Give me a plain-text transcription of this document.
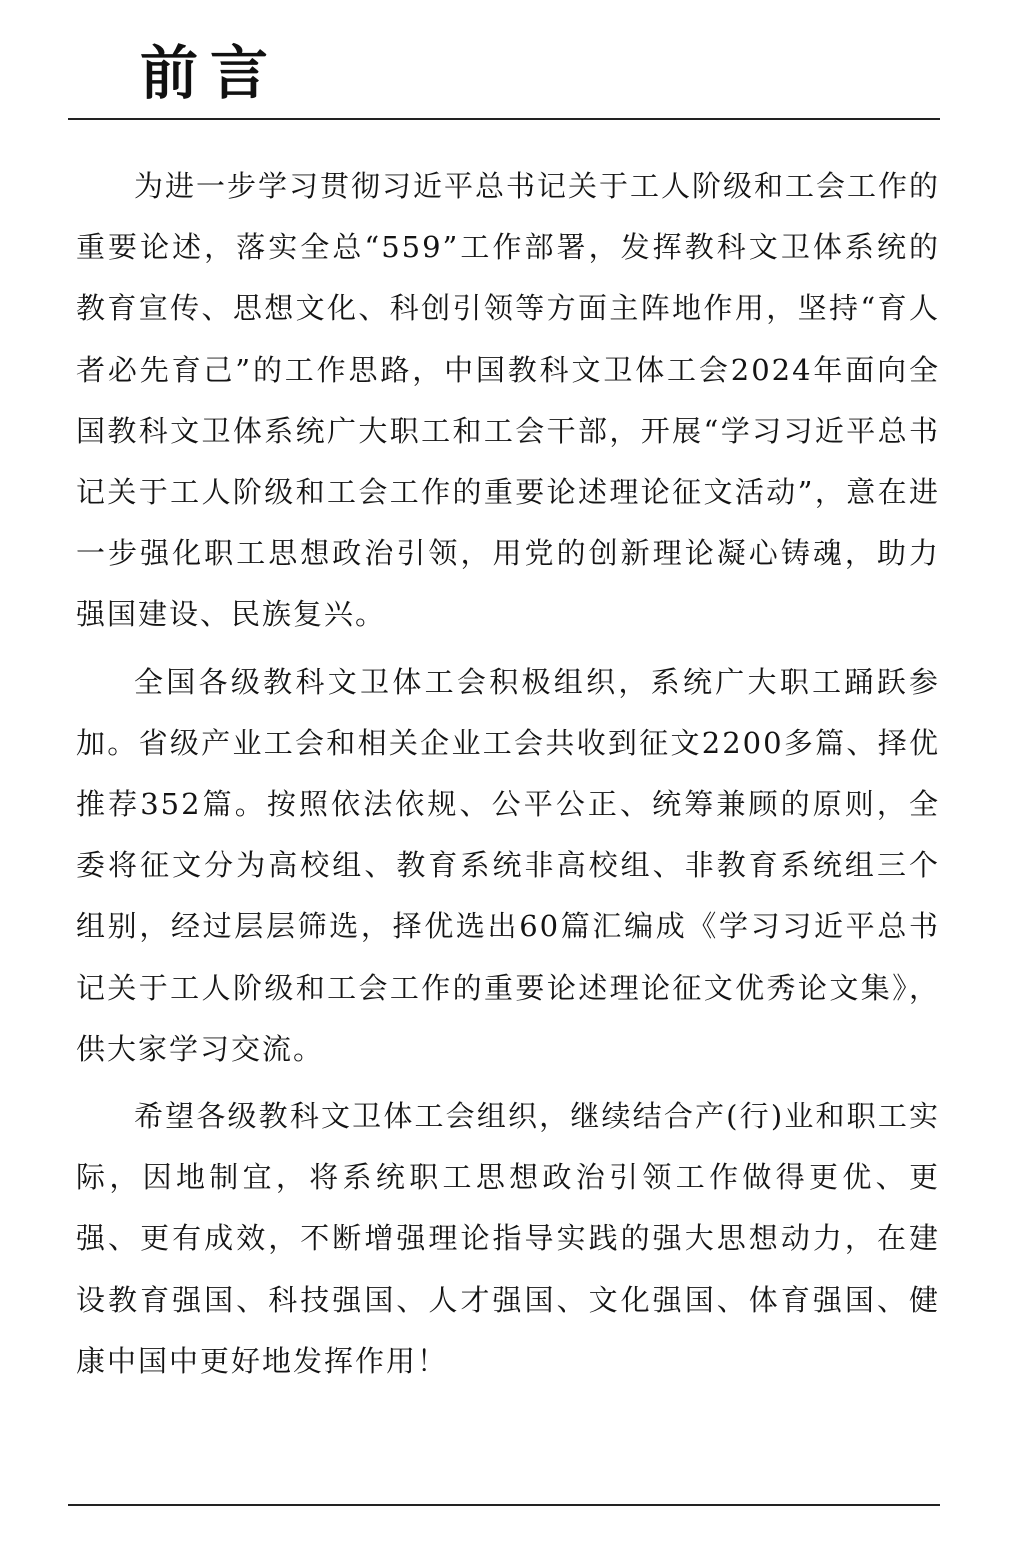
前言

为进一步学习贯彻习近平总书记关于工人阶级和工会工作的重要论述，落实全总“559”工作部署，发挥教科文卫体系统的教育宣传、思想文化、科创引领等方面主阵地作用，坚持“育人者必先育己”的工作思路，中国教科文卫体工会2024年面向全国教科文卫体系统广大职工和工会干部，开展“学习习近平总书记关于工人阶级和工会工作的重要论述理论征文活动”，意在进一步强化职工思想政治引领，用党的创新理论凝心铸魂，助力强国建设、民族复兴。

全国各级教科文卫体工会积极组织，系统广大职工踊跃参加。省级产业工会和相关企业工会共收到征文2200多篇、择优推荐352篇。按照依法依规、公平公正、统筹兼顾的原则，全委将征文分为高校组、教育系统非高校组、非教育系统组三个组别，经过层层筛选，择优选出60篇汇编成《学习习近平总书记关于工人阶级和工会工作的重要论述理论征文优秀论文集》，供大家学习交流。

希望各级教科文卫体工会组织，继续结合产(行)业和职工实际，因地制宜，将系统职工思想政治引领工作做得更优、更强、更有成效，不断增强理论指导实践的强大思想动力，在建设教育强国、科技强国、人才强国、文化强国、体育强国、健康中国中更好地发挥作用！
